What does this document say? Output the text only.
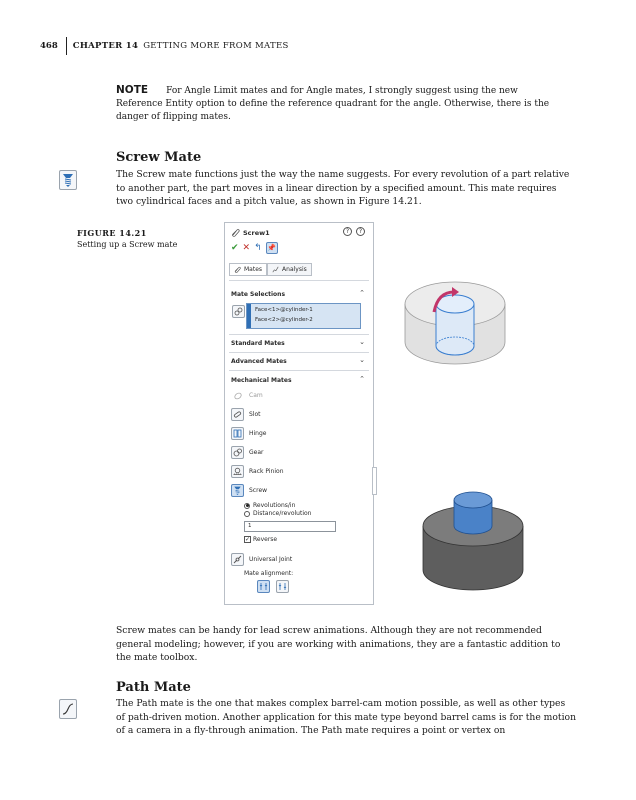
468 CHAPTER 14 GETTING MORE FROM MATES
NOTE For Angle Limit mates and for Angle mates, I strongly suggest using the new Reference Entity option to define the reference quadrant for the angle. Otherwise, there is the danger of flipping mates.
Screw Mate
The Screw mate functions just the way the name suggests. For every revolution of a part relative to another part, the part moves in a linear direction by a specified amount. This mate requires two cylindrical faces and a pitch value, as shown in Figure 14.21.
FIGURE 14.21
Setting up a Screw mate
Screw1	?	?
✔ ✕ ↰ 📌
Mates	Analysis
Mate Selections	⌃
Face<1>@cylinder-1
Face<2>@cylinder-2
Standard Mates	⌄
Advanced Mates	⌄
Mechanical Mates	⌃
Cam
Slot
Hinge
Gear
Rack Pinion
Screw
Revolutions/in
Distance/revolution
1
✓ Reverse
Universal Joint
Mate alignment:
Screw mates can be handy for lead screw animations. Although they are not recommended general modeling; however, if you are working with animations, they are a fantastic addition to the mate toolbox.
Path Mate
The Path mate is the one that makes complex barrel-cam motion possible, as well as other types of path-driven motion. Another application for this mate type beyond barrel cams is for the motion of a camera in a fly-through animation. The Path mate requires a point or vertex on
